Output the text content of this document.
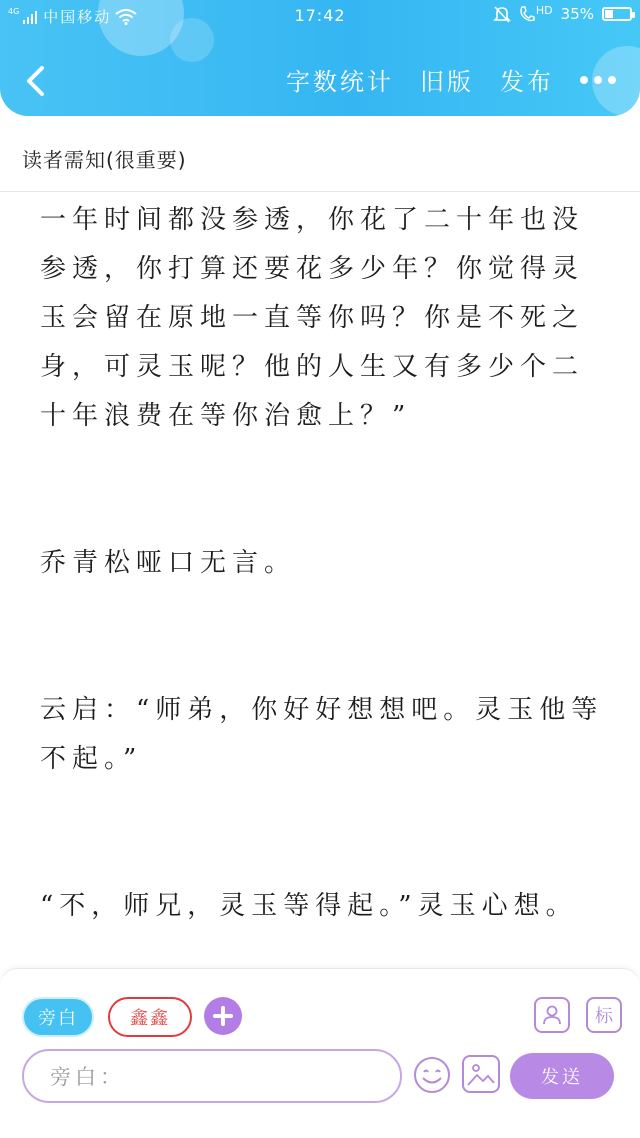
4G 中国移动	17:42	HD 35%
字数统计 旧版 发布
读者需知(很重要)

一年时间都没参透，你花了二十年也没参透，你打算还要花多少年？你觉得灵玉会留在原地一直等你吗？你是不死之身，可灵玉呢？他的人生又有多少个二十年浪费在等你治愈上？”

乔青松哑口无言。

云启：“师弟，你好好想想吧。灵玉他等不起。”

“不，师兄，灵玉等得起。”灵玉心想。

旁白	鑫鑫	标
旁白：	发送
